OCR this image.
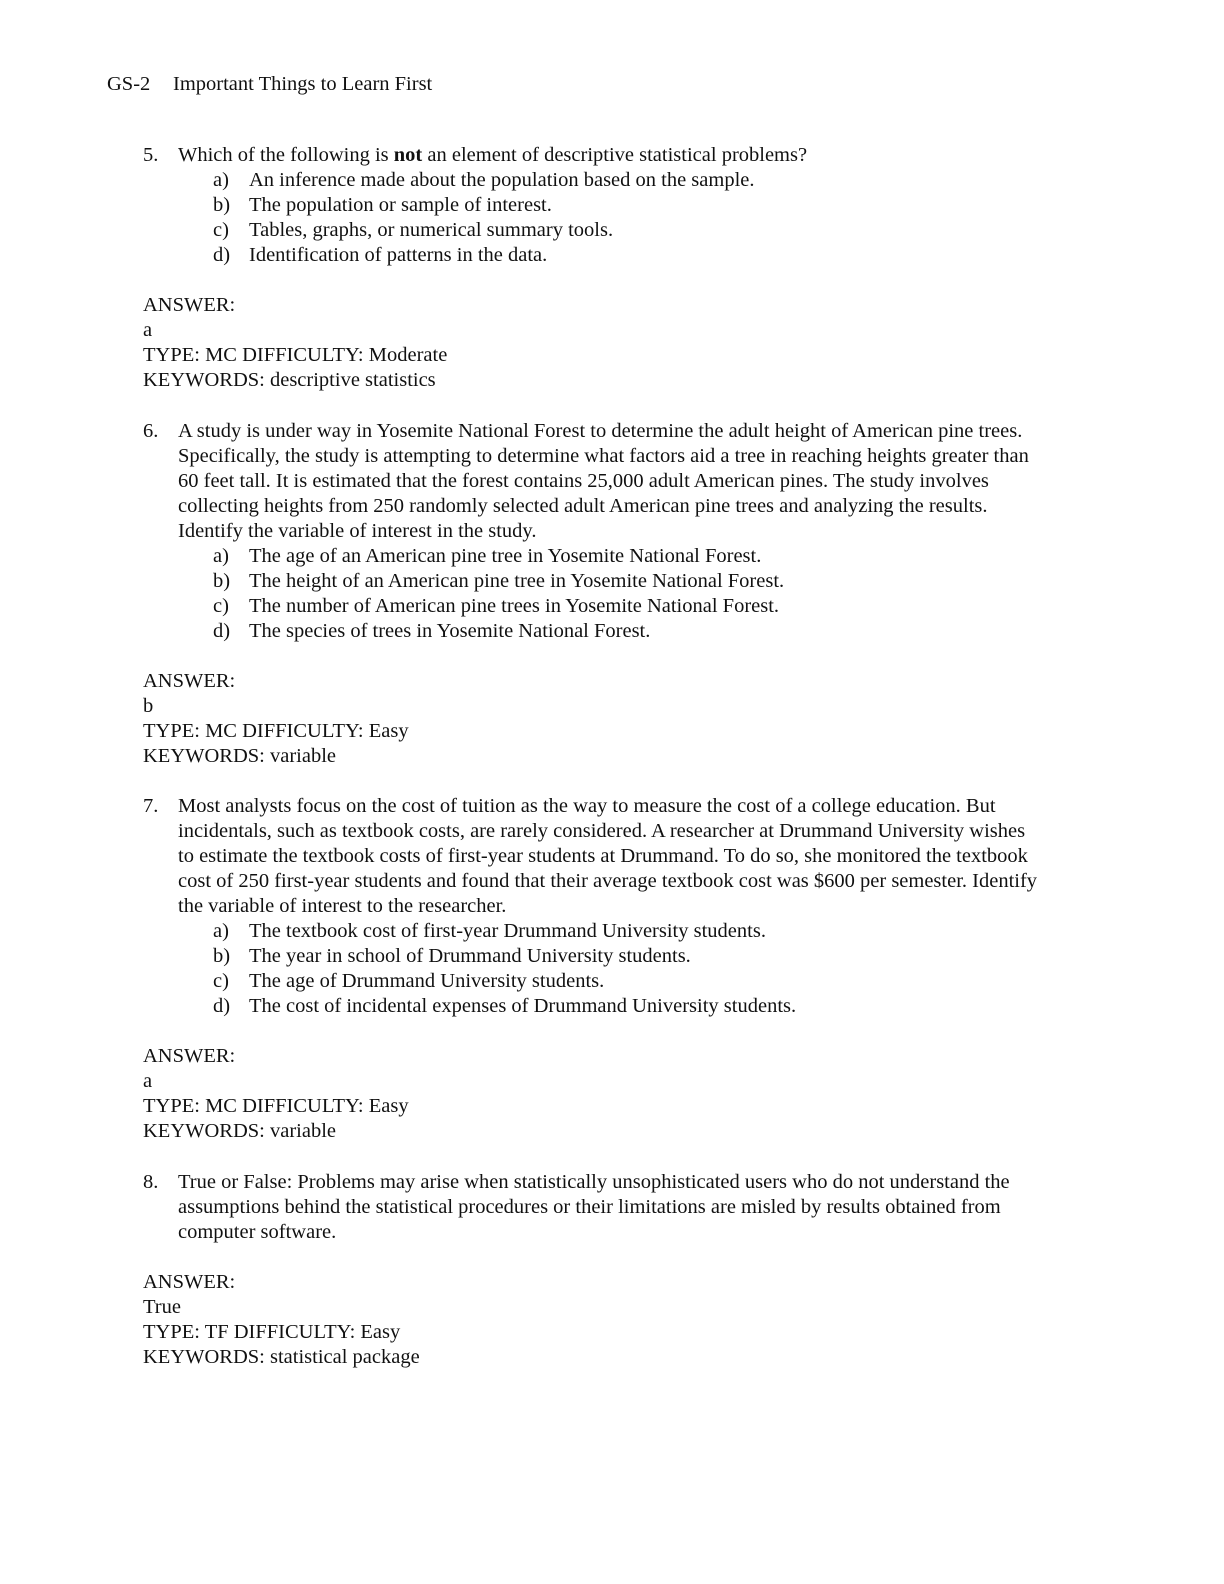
GS-2 Important Things to Learn First
5. Which of the following is not an element of descriptive statistical problems?
a) An inference made about the population based on the sample.
b) The population or sample of interest.
c) Tables, graphs, or numerical summary tools.
d) Identification of patterns in the data.
ANSWER:
a
TYPE: MC DIFFICULTY: Moderate
KEYWORDS: descriptive statistics
6. A study is under way in Yosemite National Forest to determine the adult height of American pine trees. Specifically, the study is attempting to determine what factors aid a tree in reaching heights greater than 60 feet tall. It is estimated that the forest contains 25,000 adult American pines. The study involves collecting heights from 250 randomly selected adult American pine trees and analyzing the results. Identify the variable of interest in the study.
a) The age of an American pine tree in Yosemite National Forest.
b) The height of an American pine tree in Yosemite National Forest.
c) The number of American pine trees in Yosemite National Forest.
d) The species of trees in Yosemite National Forest.
ANSWER:
b
TYPE: MC DIFFICULTY: Easy
KEYWORDS: variable
7. Most analysts focus on the cost of tuition as the way to measure the cost of a college education. But incidentals, such as textbook costs, are rarely considered. A researcher at Drummand University wishes to estimate the textbook costs of first-year students at Drummand. To do so, she monitored the textbook cost of 250 first-year students and found that their average textbook cost was $600 per semester. Identify the variable of interest to the researcher.
a) The textbook cost of first-year Drummand University students.
b) The year in school of Drummand University students.
c) The age of Drummand University students.
d) The cost of incidental expenses of Drummand University students.
ANSWER:
a
TYPE: MC DIFFICULTY: Easy
KEYWORDS: variable
8. True or False: Problems may arise when statistically unsophisticated users who do not understand the assumptions behind the statistical procedures or their limitations are misled by results obtained from computer software.
ANSWER:
True
TYPE: TF DIFFICULTY: Easy
KEYWORDS: statistical package
